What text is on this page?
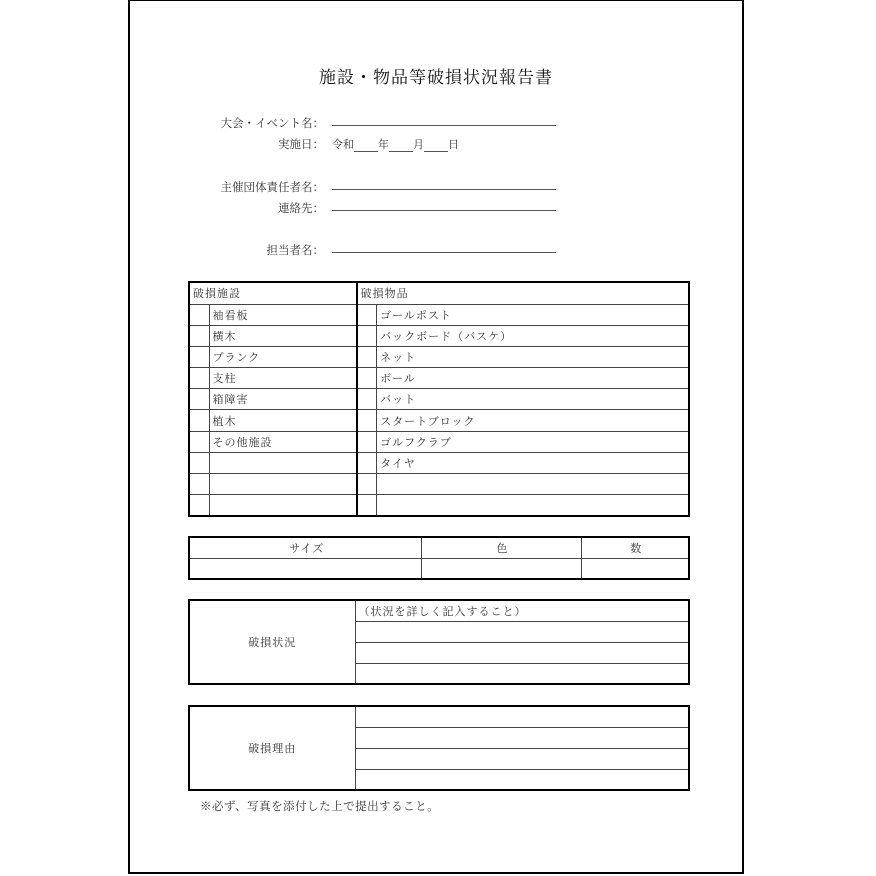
施設・物品等破損状況報告書
大会・イベント名：
実施日： 令和 年 月 日
主催団体責任者名：
連絡先：
担当者名：
破損施設		破損物品	
	袖看板		ゴールポスト
	横木		バックボード（バスケ）
	プランク		ネット
	支柱		ボール
	箱障害		バット
	植木		スタートブロック
	その他施設		ゴルフクラブ
			タイヤ

サイズ	色	数

破損状況	（状況を詳しく記入すること）

破損理由	

※必ず、写真を添付した上で提出すること。
